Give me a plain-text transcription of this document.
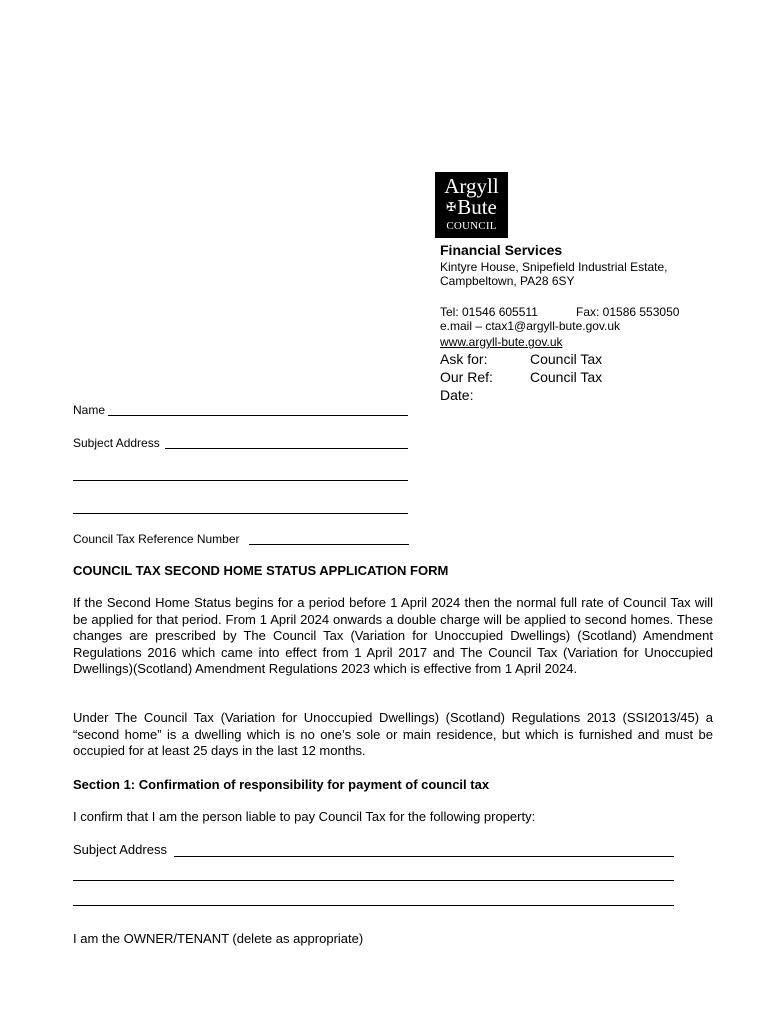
Argyll
✠Bute
COUNCIL
Financial Services
Kintyre House, Snipefield Industrial Estate,
Campbeltown, PA28 6SY
Tel: 01546 605511	Fax: 01586 553050
e.mail – ctax1@argyll-bute.gov.uk
www.argyll-bute.gov.uk
Ask for:	Council Tax
Our Ref:	Council Tax
Date:
Name
Subject Address
Council Tax Reference Number
COUNCIL TAX SECOND HOME STATUS APPLICATION FORM
If the Second Home Status begins for a period before 1 April 2024 then the normal full rate of Council Tax will be applied for that period. From 1 April 2024 onwards a double charge will be applied to second homes. These changes are prescribed by The Council Tax (Variation for Unoccupied Dwellings) (Scotland) Amendment Regulations 2016 which came into effect from 1 April 2017 and The Council Tax (Variation for Unoccupied Dwellings)(Scotland) Amendment Regulations 2023 which is effective from 1 April 2024.
Under The Council Tax (Variation for Unoccupied Dwellings) (Scotland) Regulations 2013 (SSI2013/45) a “second home” is a dwelling which is no one’s sole or main residence, but which is furnished and must be occupied for at least 25 days in the last 12 months.
Section 1: Confirmation of responsibility for payment of council tax
I confirm that I am the person liable to pay Council Tax for the following property:
Subject Address
I am the OWNER/TENANT (delete as appropriate)
